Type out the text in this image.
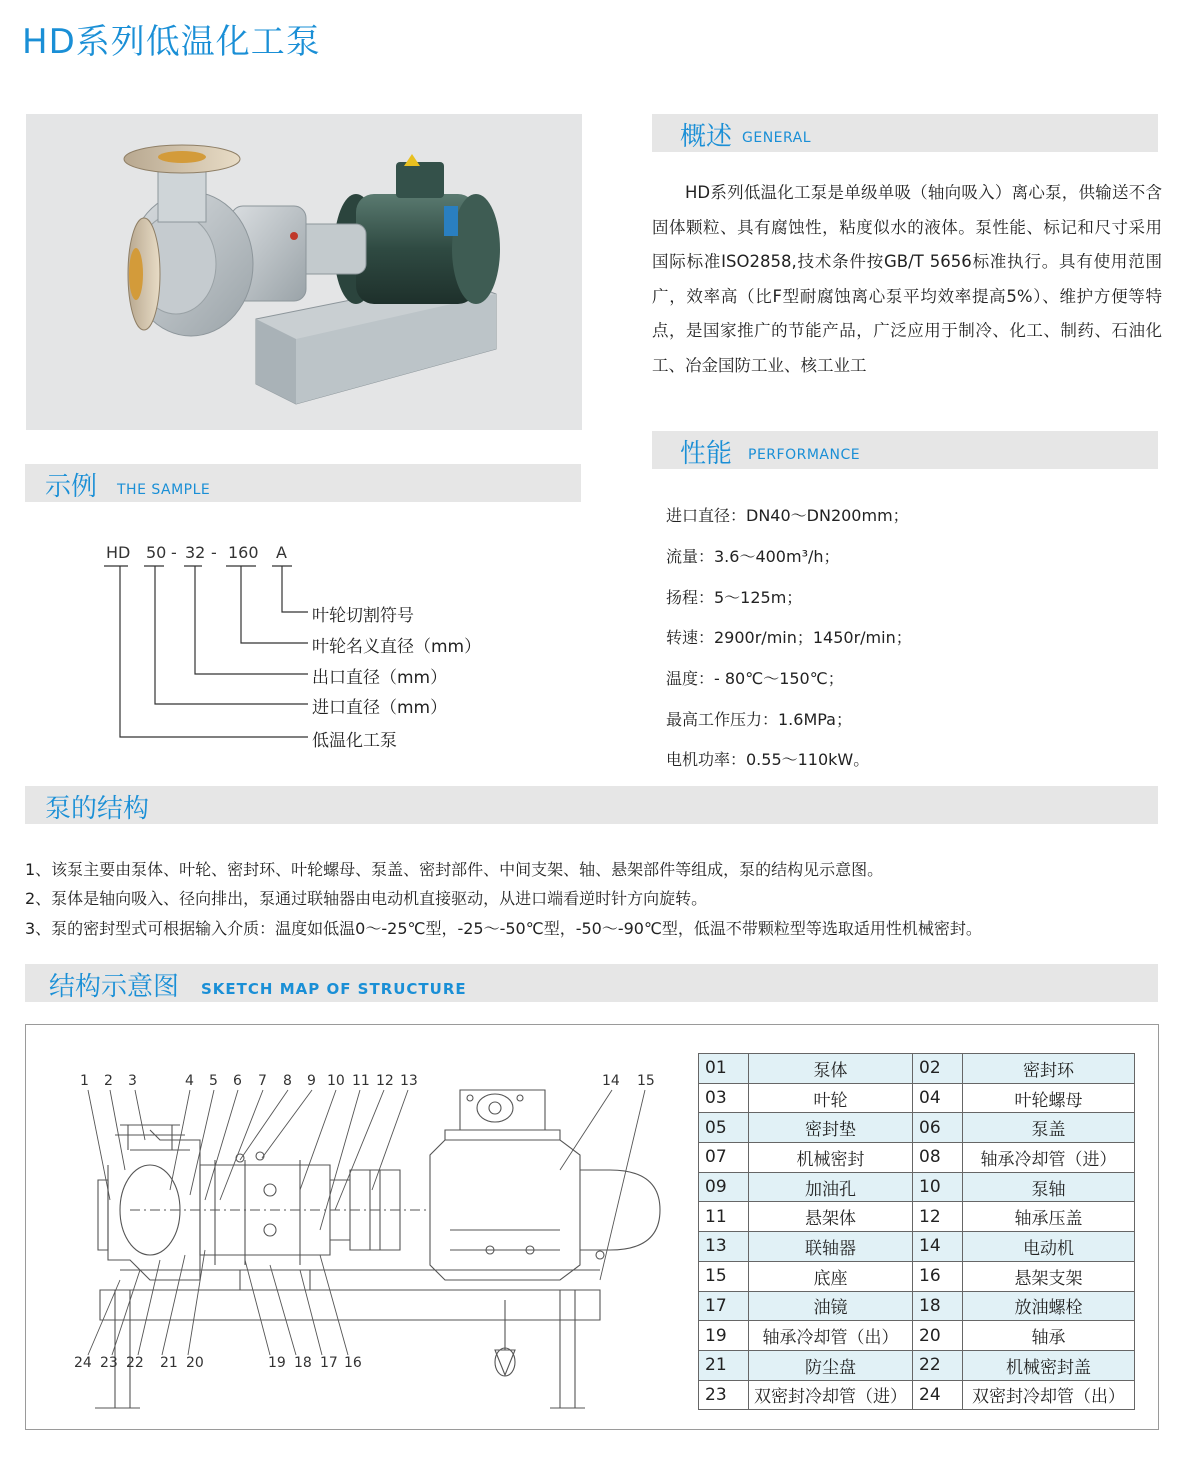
HD系列低温化工泵
概述 GENERAL
HD系列低温化工泵是单级单吸（轴向吸入）离心泵，供输送不含固体颗粒、具有腐蚀性，粘度似水的液体。泵性能、标记和尺寸采用国际标准ISO2858,技术条件按GB/T 5656标准执行。具有使用范围广，效率高（比F型耐腐蚀离心泵平均效率提高5%）、维护方便等特点，是国家推广的节能产品，广泛应用于制冷、化工、制药、石油化工、冶金国防工业、核工业工
性能 PERFORMANCE
进口直径：DN40～DN200mm；
流量：3.6～400m³/h；
扬程：5～125m；
转速：2900r/min；1450r/min；
温度：- 80℃～150℃；
最高工作压力：1.6MPa；
电机功率：0.55～110kW。
示例 THE SAMPLE
HD 50 - 32 - 160 A
叶轮切割符号
叶轮名义直径（mm）
出口直径（mm）
进口直径（mm）
低温化工泵
泵的结构
1、该泵主要由泵体、叶轮、密封环、叶轮螺母、泵盖、密封部件、中间支架、轴、悬架部件等组成，泵的结构见示意图。
2、泵体是轴向吸入、径向排出，泵通过联轴器由电动机直接驱动，从进口端看逆时针方向旋转。
3、泵的密封型式可根据输入介质：温度如低温0～-25℃型，-25～-50℃型，-50～-90℃型，低温不带颗粒型等选取适用性机械密封。
结构示意图 SKETCH MAP OF STRUCTURE
1 2 3	4 5 6 7 8 9 10 11 12 13	14 15
24 23 22 21 20	19 18 17 16
01	泵体	02	密封环
03	叶轮	04	叶轮螺母
05	密封垫	06	泵盖
07	机械密封	08	轴承冷却管（进）
09	加油孔	10	泵轴
11	悬架体	12	轴承压盖
13	联轴器	14	电动机
15	底座	16	悬架支架
17	油镜	18	放油螺栓
19	轴承冷却管（出）	20	轴承
21	防尘盘	22	机械密封盖
23	双密封冷却管（进）	24	双密封冷却管（出）
